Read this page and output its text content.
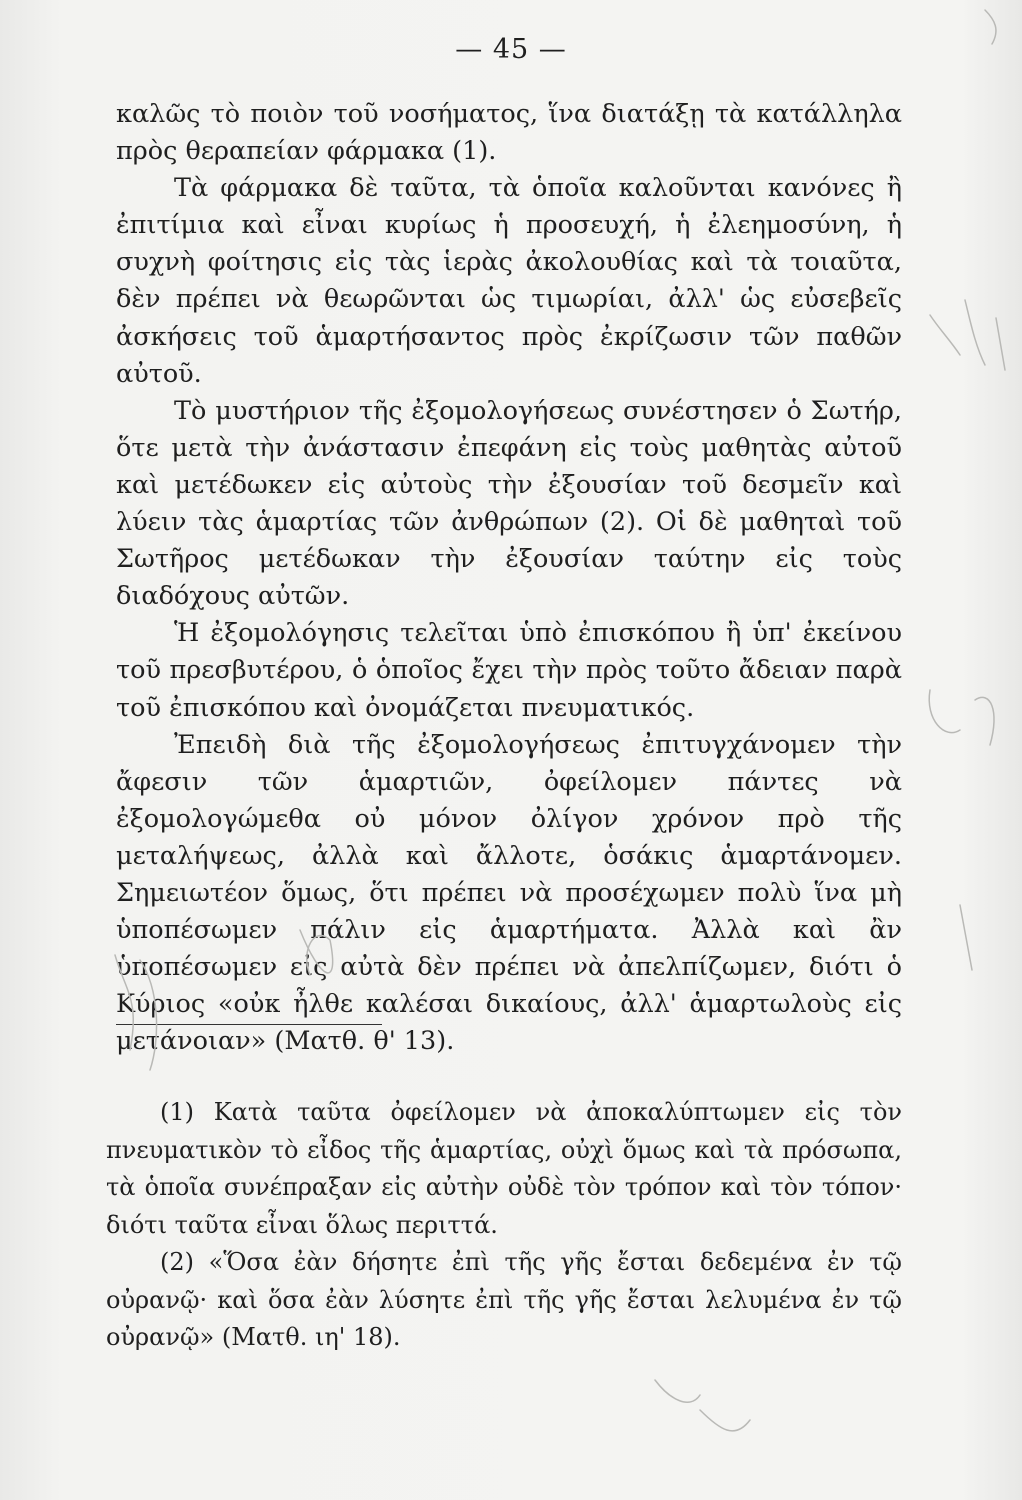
— 45 —

καλῶς τὸ ποιὸν τοῦ νοσήματος, ἵνα διατάξῃ τὰ κατάλληλα πρὸς θεραπείαν φάρμακα (1).

Τὰ φάρμακα δὲ ταῦτα, τὰ ὁποῖα καλοῦνται κανόνες ἢ ἐπιτίμια καὶ εἶναι κυρίως ἡ προσευχή, ἡ ἐλεημοσύνη, ἡ συχνὴ φοίτησις εἰς τὰς ἱερὰς ἀκολουθίας καὶ τὰ τοιαῦτα, δὲν πρέπει νὰ θεωρῶνται ὡς τιμωρίαι, ἀλλ' ὡς εὐσεβεῖς ἀσκήσεις τοῦ ἁμαρτήσαντος πρὸς ἐκρίζωσιν τῶν παθῶν αὐτοῦ.

Τὸ μυστήριον τῆς ἐξομολογήσεως συνέστησεν ὁ Σωτήρ, ὅτε μετὰ τὴν ἀνάστασιν ἐπεφάνη εἰς τοὺς μαθητὰς αὐτοῦ καὶ μετέδωκεν εἰς αὐτοὺς τὴν ἐξουσίαν τοῦ δεσμεῖν καὶ λύειν τὰς ἁμαρτίας τῶν ἀνθρώπων (2). Οἱ δὲ μαθηταὶ τοῦ Σωτῆρος μετέδωκαν τὴν ἐξουσίαν ταύτην εἰς τοὺς διαδόχους αὐτῶν.

Ἡ ἐξομολόγησις τελεῖται ὑπὸ ἐπισκόπου ἢ ὑπ' ἐκείνου τοῦ πρεσβυτέρου, ὁ ὁποῖος ἔχει τὴν πρὸς τοῦτο ἄδειαν παρὰ τοῦ ἐπισκόπου καὶ ὀνομάζεται πνευματικός.

Ἐπειδὴ διὰ τῆς ἐξομολογήσεως ἐπιτυγχάνομεν τὴν ἄφεσιν τῶν ἁμαρτιῶν, ὀφείλομεν πάντες νὰ ἐξομολογώμεθα οὐ μόνον ὀλίγον χρόνον πρὸ τῆς μεταλήψεως, ἀλλὰ καὶ ἄλλοτε, ὁσάκις ἁμαρτάνομεν. Σημειωτέον ὅμως, ὅτι πρέπει νὰ προσέχωμεν πολὺ ἵνα μὴ ὑποπέσωμεν πάλιν εἰς ἁμαρτήματα. Ἀλλὰ καὶ ἂν ὑποπέσωμεν εἰς αὐτὰ δὲν πρέπει νὰ ἀπελπίζωμεν, διότι ὁ Κύριος «οὐκ ἦλθε καλέσαι δικαίους, ἀλλ' ἁμαρτωλοὺς εἰς μετάνοιαν» (Ματθ. θ' 13).

(1) Κατὰ ταῦτα ὀφείλομεν νὰ ἀποκαλύπτωμεν εἰς τὸν πνευματικὸν τὸ εἶδος τῆς ἁμαρτίας, οὐχὶ ὅμως καὶ τὰ πρόσωπα, τὰ ὁποῖα συνέπραξαν εἰς αὐτὴν οὐδὲ τὸν τρόπον καὶ τὸν τόπον· διότι ταῦτα εἶναι ὅλως περιττά.

(2) «Ὅσα ἐὰν δήσητε ἐπὶ τῆς γῆς ἔσται δεδεμένα ἐν τῷ οὐρανῷ· καὶ ὅσα ἐὰν λύσητε ἐπὶ τῆς γῆς ἔσται λελυμένα ἐν τῷ οὐρανῷ» (Ματθ. ιη' 18).
